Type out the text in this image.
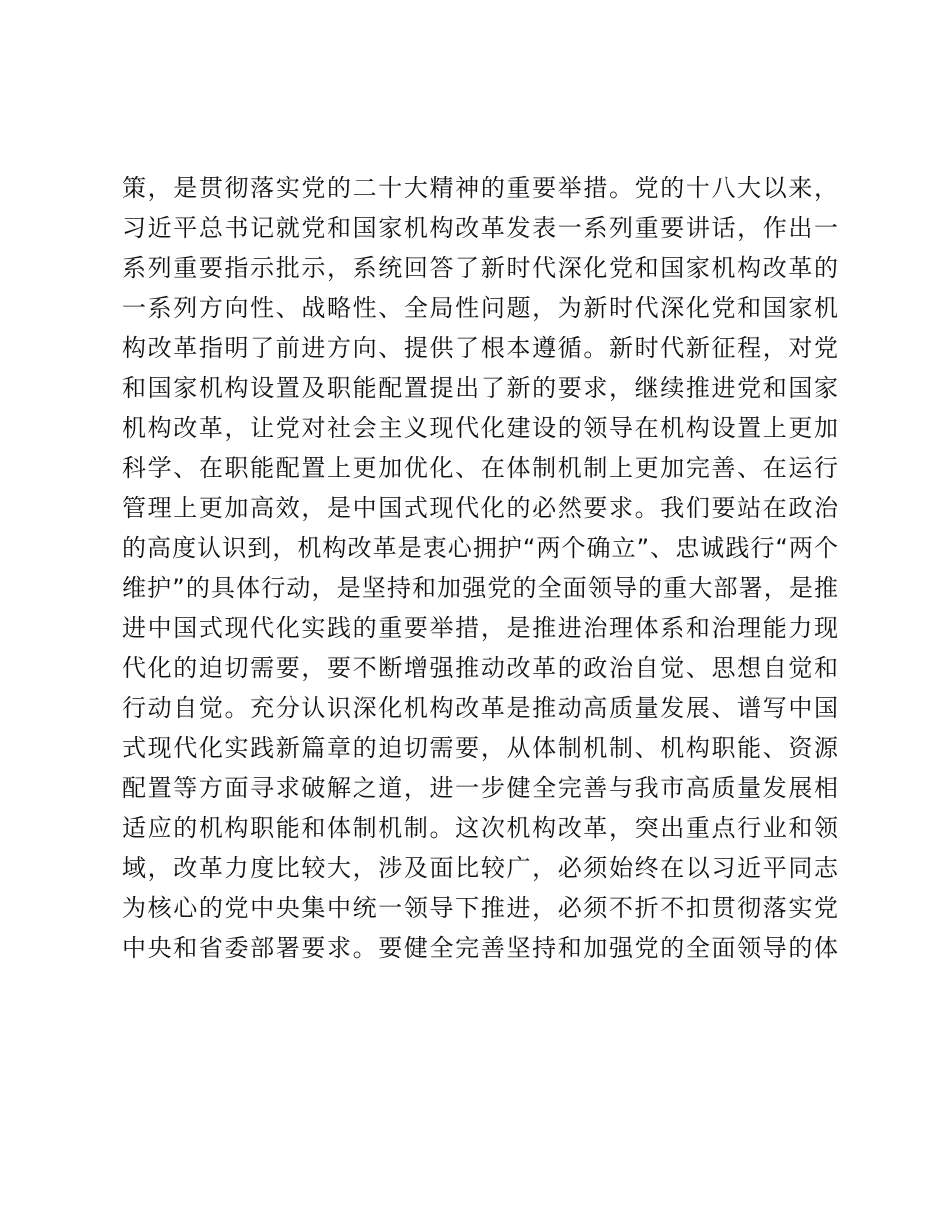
策，是贯彻落实党的二十大精神的重要举措。党的十八大以来，
习近平总书记就党和国家机构改革发表一系列重要讲话，作出一
系列重要指示批示，系统回答了新时代深化党和国家机构改革的
一系列方向性、战略性、全局性问题，为新时代深化党和国家机
构改革指明了前进方向、提供了根本遵循。新时代新征程，对党
和国家机构设置及职能配置提出了新的要求，继续推进党和国家
机构改革，让党对社会主义现代化建设的领导在机构设置上更加
科学、在职能配置上更加优化、在体制机制上更加完善、在运行
管理上更加高效，是中国式现代化的必然要求。我们要站在政治
的高度认识到，机构改革是衷心拥护“两个确立”、忠诚践行“两个
维护”的具体行动，是坚持和加强党的全面领导的重大部署，是推
进中国式现代化实践的重要举措，是推进治理体系和治理能力现
代化的迫切需要，要不断增强推动改革的政治自觉、思想自觉和
行动自觉。充分认识深化机构改革是推动高质量发展、谱写中国
式现代化实践新篇章的迫切需要，从体制机制、机构职能、资源
配置等方面寻求破解之道，进一步健全完善与我市高质量发展相
适应的机构职能和体制机制。这次机构改革，突出重点行业和领
域，改革力度比较大，涉及面比较广，必须始终在以习近平同志
为核心的党中央集中统一领导下推进，必须不折不扣贯彻落实党
中央和省委部署要求。要健全完善坚持和加强党的全面领导的体
